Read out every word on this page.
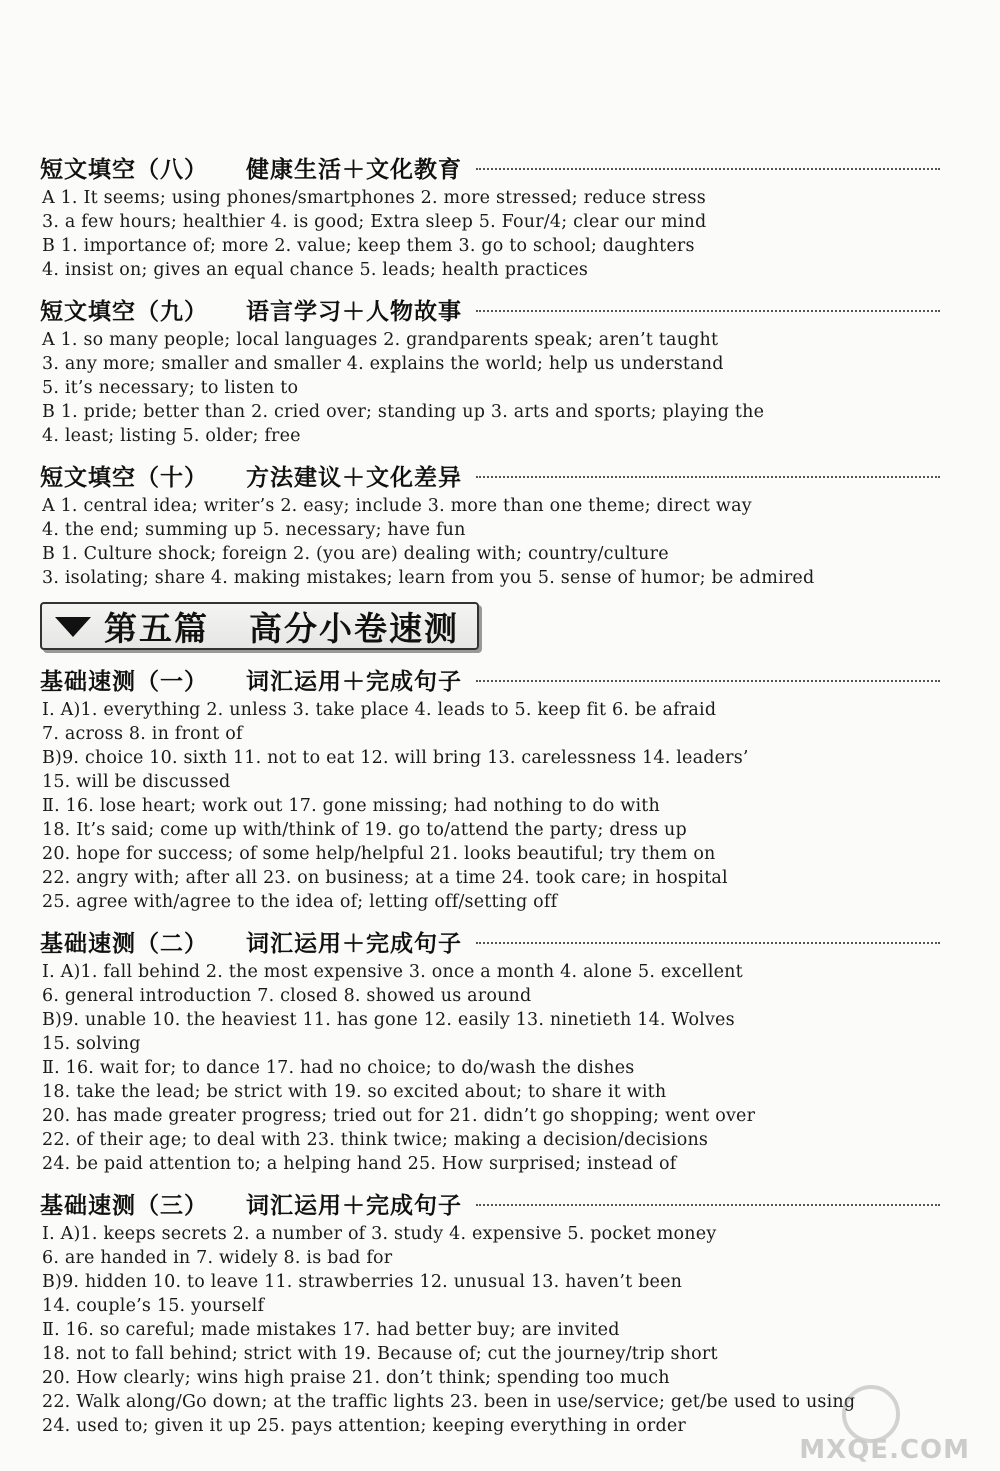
短文填空（八） 健康生活＋文化教育
A 1. It seems; using phones/smartphones 2. more stressed; reduce stress
3. a few hours; healthier 4. is good; Extra sleep 5. Four/4; clear our mind
B 1. importance of; more 2. value; keep them 3. go to school; daughters
4. insist on; gives an equal chance 5. leads; health practices
短文填空（九） 语言学习＋人物故事
A 1. so many people; local languages 2. grandparents speak; aren’t taught
3. any more; smaller and smaller 4. explains the world; help us understand
5. it’s necessary; to listen to
B 1. pride; better than 2. cried over; standing up 3. arts and sports; playing the
4. least; listing 5. older; free
短文填空（十） 方法建议＋文化差异
A 1. central idea; writer’s 2. easy; include 3. more than one theme; direct way
4. the end; summing up 5. necessary; have fun
B 1. Culture shock; foreign 2. (you are) dealing with; country/culture
3. isolating; share 4. making mistakes; learn from you 5. sense of humor; be admired
第五篇 高分小卷速测
基础速测（一） 词汇运用＋完成句子
Ⅰ. A)1. everything 2. unless 3. take place 4. leads to 5. keep fit 6. be afraid
7. across 8. in front of
B)9. choice 10. sixth 11. not to eat 12. will bring 13. carelessness 14. leaders’
15. will be discussed
Ⅱ. 16. lose heart; work out 17. gone missing; had nothing to do with
18. It’s said; come up with/think of 19. go to/attend the party; dress up
20. hope for success; of some help/helpful 21. looks beautiful; try them on
22. angry with; after all 23. on business; at a time 24. took care; in hospital
25. agree with/agree to the idea of; letting off/setting off
基础速测（二） 词汇运用＋完成句子
Ⅰ. A)1. fall behind 2. the most expensive 3. once a month 4. alone 5. excellent
6. general introduction 7. closed 8. showed us around
B)9. unable 10. the heaviest 11. has gone 12. easily 13. ninetieth 14. Wolves
15. solving
Ⅱ. 16. wait for; to dance 17. had no choice; to do/wash the dishes
18. take the lead; be strict with 19. so excited about; to share it with
20. has made greater progress; tried out for 21. didn’t go shopping; went over
22. of their age; to deal with 23. think twice; making a decision/decisions
24. be paid attention to; a helping hand 25. How surprised; instead of
基础速测（三） 词汇运用＋完成句子
Ⅰ. A)1. keeps secrets 2. a number of 3. study 4. expensive 5. pocket money
6. are handed in 7. widely 8. is bad for
B)9. hidden 10. to leave 11. strawberries 12. unusual 13. haven’t been
14. couple’s 15. yourself
Ⅱ. 16. so careful; made mistakes 17. had better buy; are invited
18. not to fall behind; strict with 19. Because of; cut the journey/trip short
20. How clearly; wins high praise 21. don’t think; spending too much
22. Walk along/Go down; at the traffic lights 23. been in use/service; get/be used to using
24. used to; given it up 25. pays attention; keeping everything in order
MXQE.COM
